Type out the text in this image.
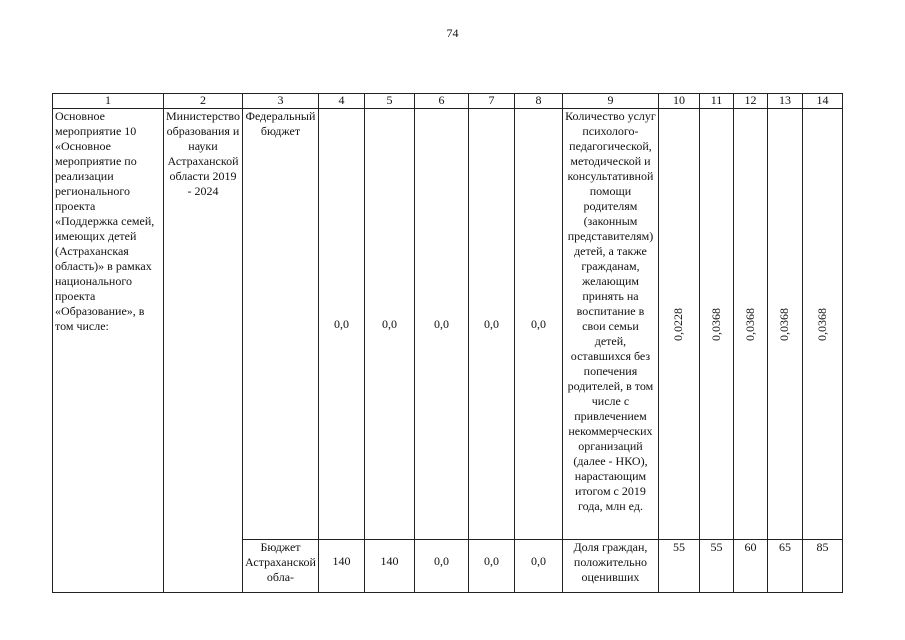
74
1	2	3	4	5	6	7	8	9	10	11	12	13	14
Основное мероприятие 10 «Основное мероприятие по реализации регионального проекта «Поддержка семей, имеющих детей (Астраханская область)» в рамках национального проекта «Образование», в том числе:	Министерство образования и науки Астраханской области 2019 - 2024	Федеральный бюджет	0,0	0,0	0,0	0,0	0,0	Количество услуг психолого-педагогической, методической и консультативной помощи родителям (законным представителям) детей, а также гражданам, желающим принять на воспитание в свои семьи детей, оставшихся без попечения родителей, в том числе с привлечением некоммерческих организаций (далее - НКО), нарастающим итогом с 2019 года, млн ед.	0,0228	0,0368	0,0368	0,0368	0,0368
		Бюджет Астраханской обла-	140	140	0,0	0,0	0,0	Доля граждан, положительно оценивших	55	55	60	65	85
